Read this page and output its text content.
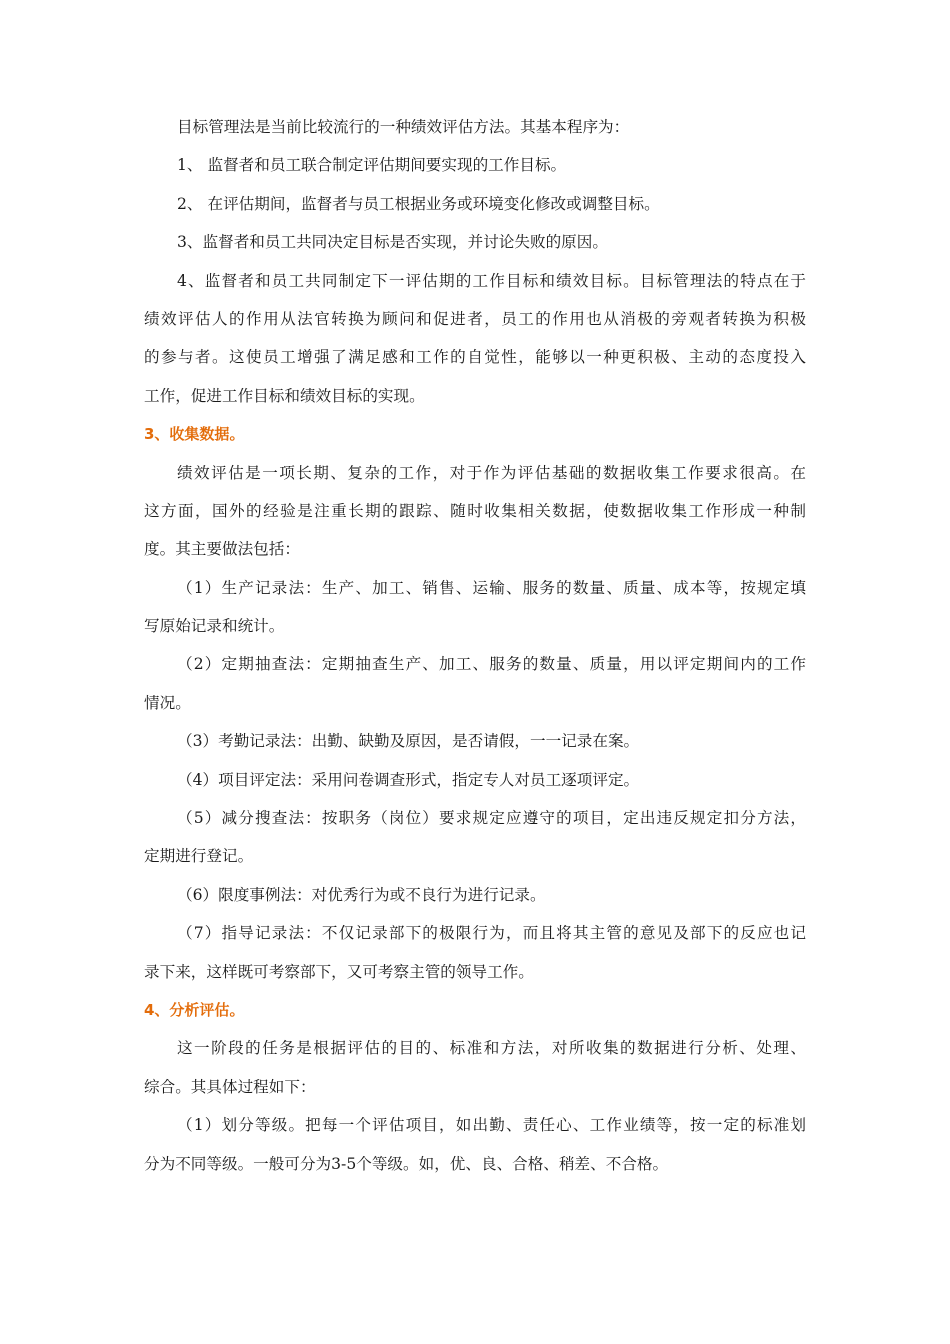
目标管理法是当前比较流行的一种绩效评估方法。其基本程序为：
1、 监督者和员工联合制定评估期间要实现的工作目标。
2、 在评估期间，监督者与员工根据业务或环境变化修改或调整目标。
3、监督者和员工共同决定目标是否实现，并讨论失败的原因。
4、监督者和员工共同制定下一评估期的工作目标和绩效目标。目标管理法的特点在于
绩效评估人的作用从法官转换为顾问和促进者，员工的作用也从消极的旁观者转换为积极
的参与者。这使员工增强了满足感和工作的自觉性，能够以一种更积极、主动的态度投入
工作，促进工作目标和绩效目标的实现。
3、收集数据。
绩效评估是一项长期、复杂的工作，对于作为评估基础的数据收集工作要求很高。在
这方面，国外的经验是注重长期的跟踪、随时收集相关数据，使数据收集工作形成一种制
度。其主要做法包括：
（1）生产记录法：生产、加工、销售、运输、服务的数量、质量、成本等，按规定填
写原始记录和统计。
（2）定期抽查法：定期抽查生产、加工、服务的数量、质量，用以评定期间内的工作
情况。
（3）考勤记录法：出勤、缺勤及原因，是否请假，一一记录在案。
（4）项目评定法：采用问卷调查形式，指定专人对员工逐项评定。
（5）减分搜查法：按职务（岗位）要求规定应遵守的项目，定出违反规定扣分方法，
定期进行登记。
（6）限度事例法：对优秀行为或不良行为进行记录。
（7）指导记录法：不仅记录部下的极限行为，而且将其主管的意见及部下的反应也记
录下来，这样既可考察部下，又可考察主管的领导工作。
4、分析评估。
这一阶段的任务是根据评估的目的、标准和方法，对所收集的数据进行分析、处理、
综合。其具体过程如下：
（1）划分等级。把每一个评估项目，如出勤、责任心、工作业绩等，按一定的标准划
分为不同等级。一般可分为3-5个等级。如，优、良、合格、稍差、不合格。
